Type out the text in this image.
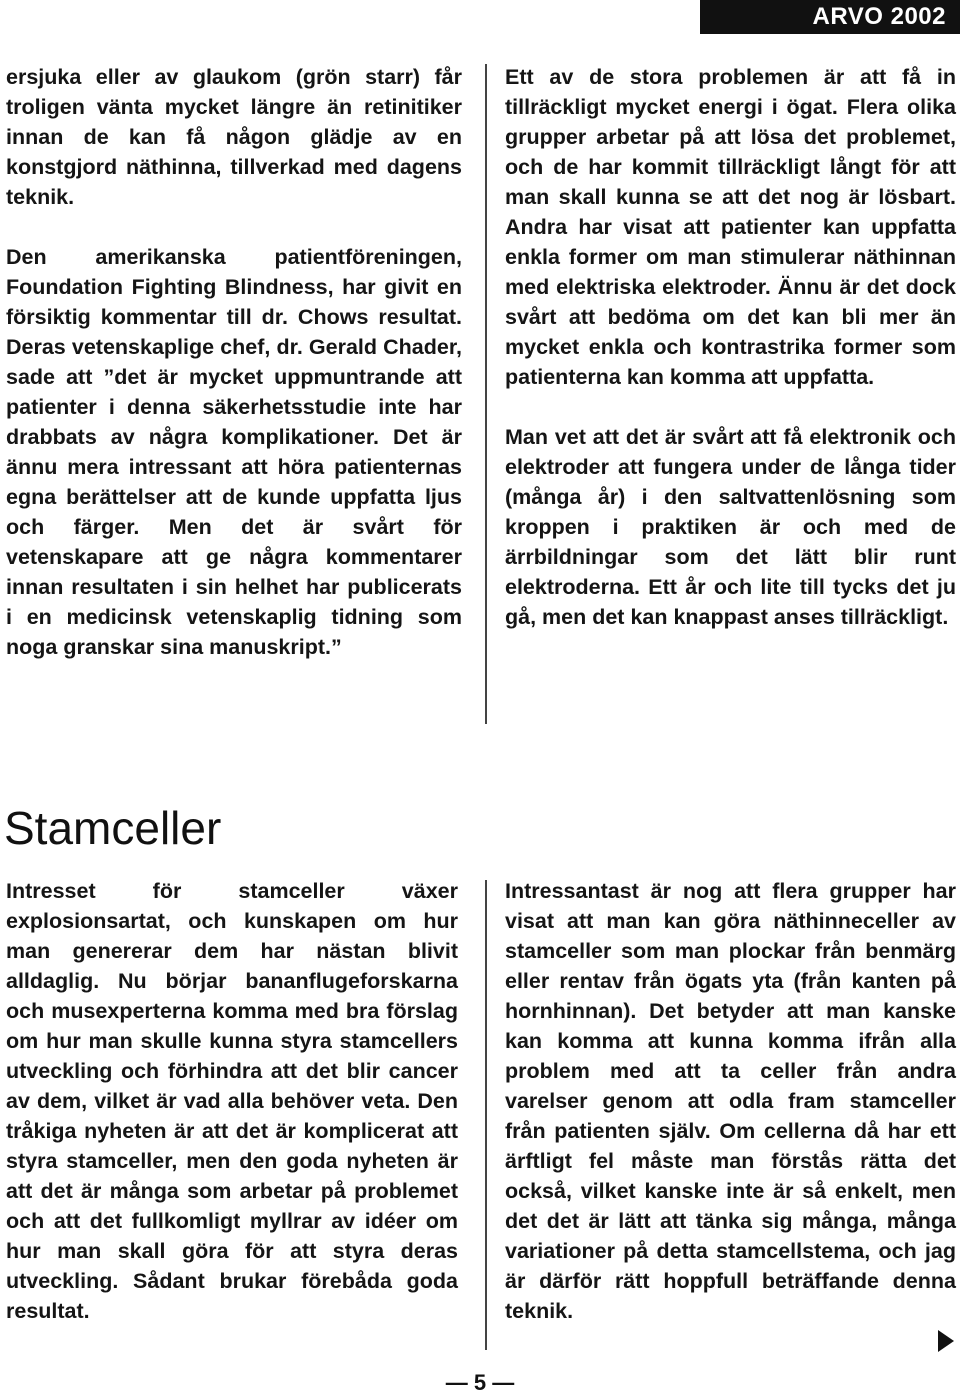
ARVO 2002

ersjuka eller av glaukom (grön starr) får troligen vänta mycket längre än retinitiker innan de kan få någon glädje av en konstgjord näthinna, tillverkad med dagens teknik.

Den amerikanska patientföreningen, Foundation Fighting Blindness, har givit en försiktig kommentar till dr. Chows resultat. Deras vetenskaplige chef, dr. Gerald Chader, sade att ”det är mycket uppmuntrande att patienter i denna säkerhetsstudie inte har drabbats av några komplikationer. Det är ännu mera intressant att höra patienternas egna berättelser att de kunde uppfatta ljus och färger. Men det är svårt för vetenskapare att ge några kommentarer innan resultaten i sin helhet har publicerats i en medicinsk vetenskaplig tidning som noga granskar sina manuskript.”

Ett av de stora problemen är att få in tillräckligt mycket energi i ögat. Flera olika grupper arbetar på att lösa det problemet, och de har kommit tillräckligt långt för att man skall kunna se att det nog är lösbart. Andra har visat att patienter kan uppfatta enkla former om man stimulerar näthinnan med elektriska elektroder. Ännu är det dock svårt att bedöma om det kan bli mer än mycket enkla och kontrastrika former som patienterna kan komma att uppfatta.

Man vet att det är svårt att få elektronik och elektroder att fungera under de långa tider (många år) i den saltvattenlösning som kroppen i praktiken är och med de ärrbildningar som det lätt blir runt elektroderna. Ett år och lite till tycks det ju gå, men det kan knappast anses tillräckligt.

Stamceller

Intresset för stamceller växer explosionsartat, och kunskapen om hur man genererar dem har nästan blivit alldaglig. Nu börjar bananflugeforskarna och musexperterna komma med bra förslag om hur man skulle kunna styra stamcellers utveckling och förhindra att det blir cancer av dem, vilket är vad alla behöver veta. Den tråkiga nyheten är att det är komplicerat att styra stamceller, men den goda nyheten är att det är många som arbetar på problemet och att det fullkomligt myllrar av idéer om hur man skall göra för att styra deras utveckling. Sådant brukar förebåda goda resultat.

Intressantast är nog att flera grupper har visat att man kan göra näthinneceller av stamceller som man plockar från benmärg eller rentav från ögats yta (från kanten på hornhinnan). Det betyder att man kanske kan komma att kunna komma ifrån alla problem med att ta celler från andra varelser genom att odla fram stamceller från patienten själv. Om cellerna då har ett ärftligt fel måste man förstås rätta det också, vilket kanske inte är så enkelt, men det det är lätt att tänka sig många, många variationer på detta stamcellstema, och jag är därför rätt hoppfull beträffande denna teknik.

— 5 —
